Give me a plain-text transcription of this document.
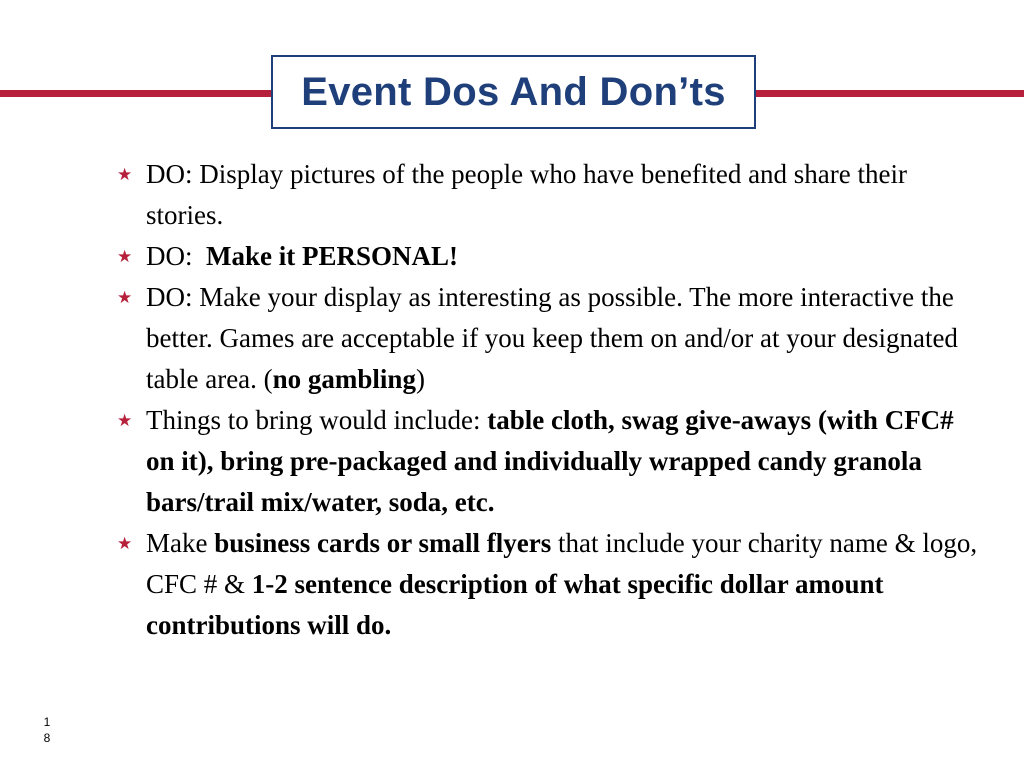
Event Dos And Don’ts
★ DO: Display pictures of the people who have benefited and share their stories.
★ DO:  Make it PERSONAL!
★ DO: Make your display as interesting as possible. The more interactive the better. Games are acceptable if you keep them on and/or at your designated table area. (no gambling)
★ Things to bring would include: table cloth, swag give-aways (with CFC# on it), bring pre-packaged and individually wrapped candy granola bars/trail mix/water, soda, etc.
★ Make business cards or small flyers that include your charity name & logo, CFC # & 1-2 sentence description of what specific dollar amount contributions will do.
1
8
